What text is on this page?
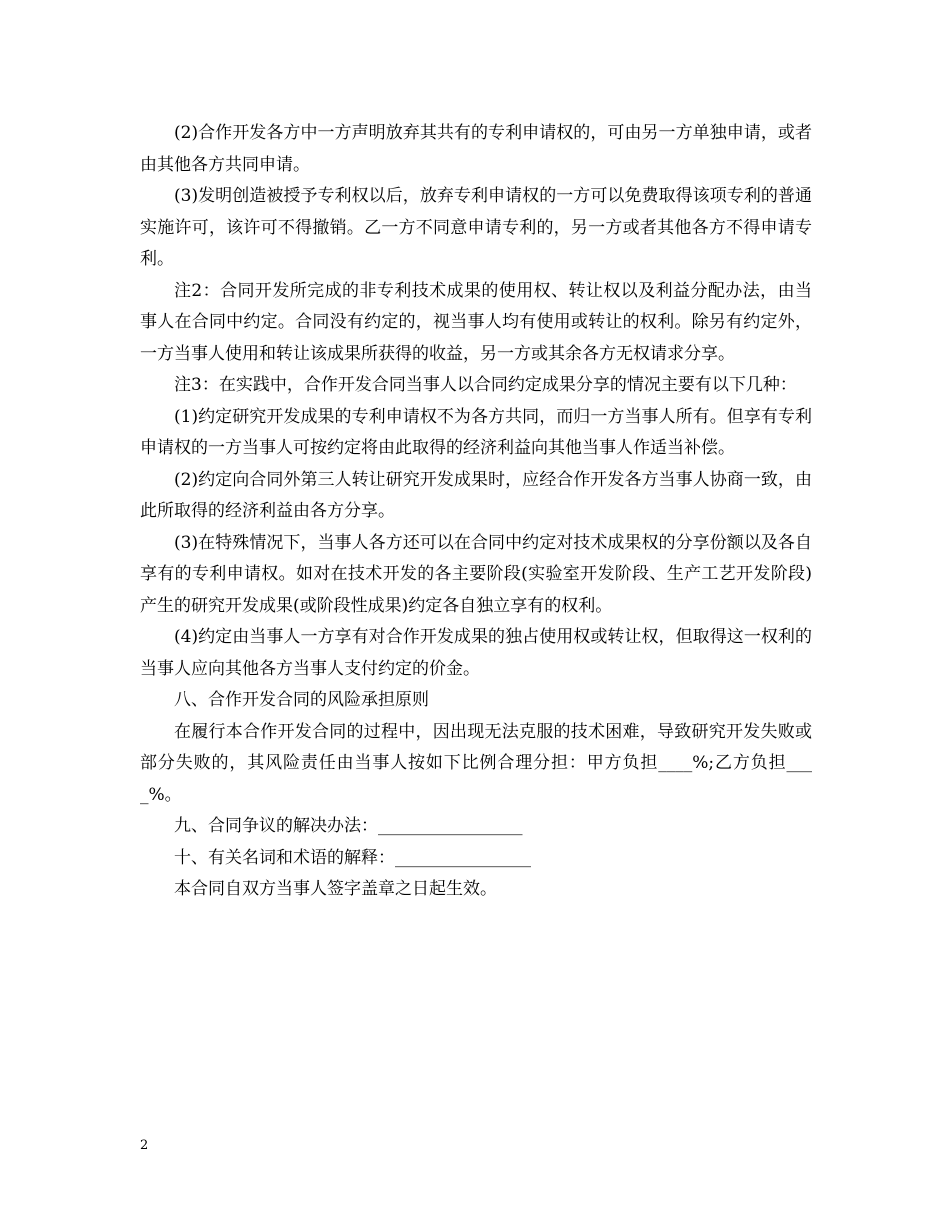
(2)合作开发各方中一方声明放弃其共有的专利申请权的，可由另一方单独申请，或者由其他各方共同申请。

(3)发明创造被授予专利权以后，放弃专利申请权的一方可以免费取得该项专利的普通实施许可，该许可不得撤销。乙一方不同意申请专利的，另一方或者其他各方不得申请专利。

注2：合同开发所完成的非专利技术成果的使用权、转让权以及利益分配办法，由当事人在合同中约定。合同没有约定的，视当事人均有使用或转让的权利。除另有约定外，一方当事人使用和转让该成果所获得的收益，另一方或其余各方无权请求分享。

注3：在实践中，合作开发合同当事人以合同约定成果分享的情况主要有以下几种：

(1)约定研究开发成果的专利申请权不为各方共同，而归一方当事人所有。但享有专利申请权的一方当事人可按约定将由此取得的经济利益向其他当事人作适当补偿。

(2)约定向合同外第三人转让研究开发成果时，应经合作开发各方当事人协商一致，由此所取得的经济利益由各方分享。

(3)在特殊情况下，当事人各方还可以在合同中约定对技术成果权的分享份额以及各自享有的专利申请权。如对在技术开发的各主要阶段(实验室开发阶段、生产工艺开发阶段)产生的研究开发成果(或阶段性成果)约定各自独立享有的权利。

(4)约定由当事人一方享有对合作开发成果的独占使用权或转让权，但取得这一权利的当事人应向其他各方当事人支付约定的价金。

八、合作开发合同的风险承担原则

在履行本合作开发合同的过程中，因出现无法克服的技术困难，导致研究开发失败或部分失败的，其风险责任由当事人按如下比例合理分担：甲方负担____%;乙方负担____%。

九、合同争议的解决办法：_________________

十、有关名词和术语的解释：________________

本合同自双方当事人签字盖章之日起生效。

2
